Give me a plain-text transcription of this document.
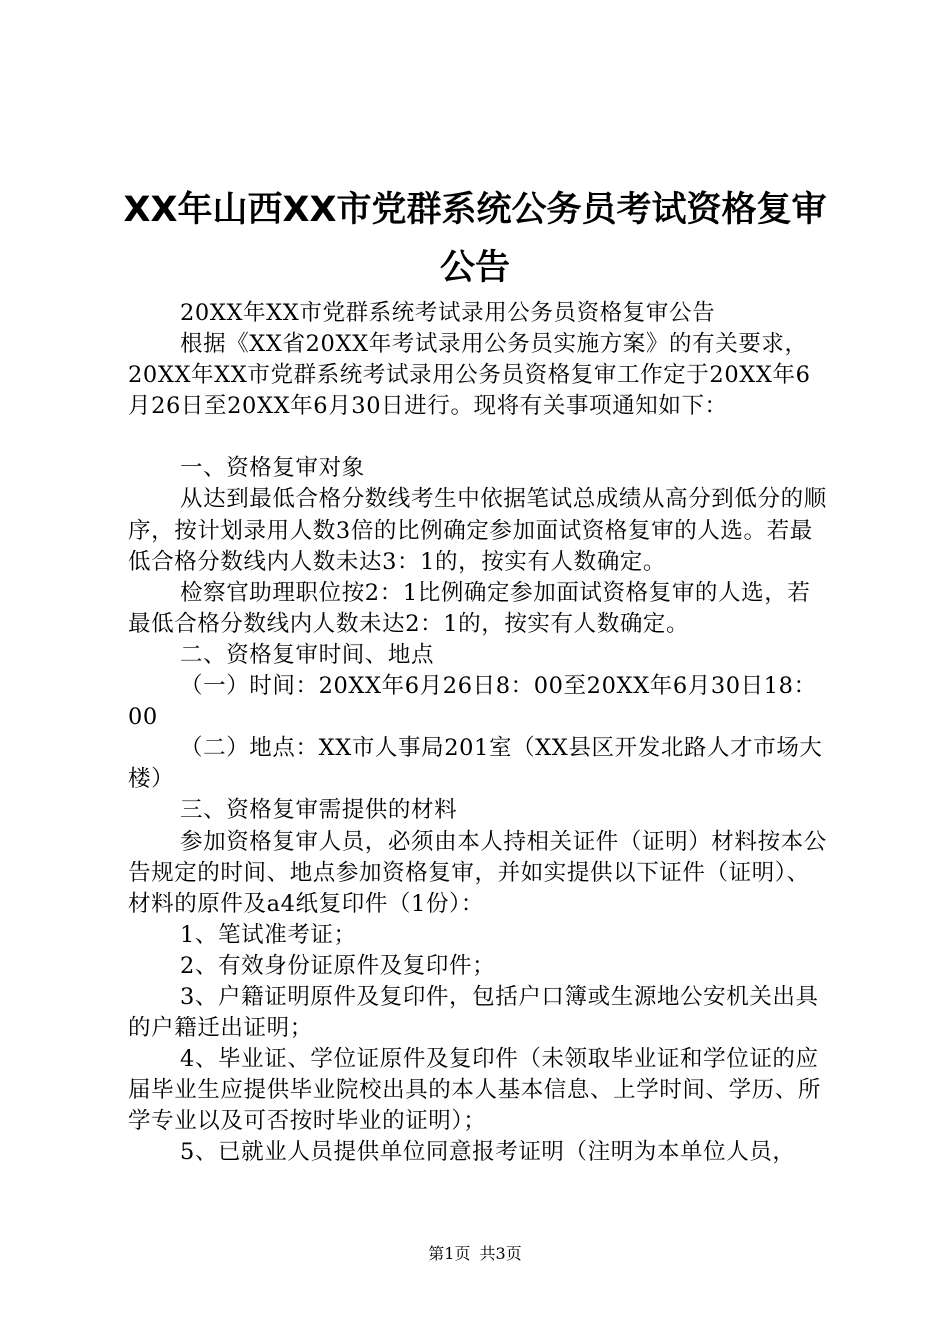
XX年山西XX市党群系统公务员考试资格复审
公告

20XX年XX市党群系统考试录用公务员资格复审公告

根据《XX省20XX年考试录用公务员实施方案》的有关要求，20XX年XX市党群系统考试录用公务员资格复审工作定于20XX年6月26日至20XX年6月30日进行。现将有关事项通知如下：

一、资格复审对象

从达到最低合格分数线考生中依据笔试总成绩从高分到低分的顺序，按计划录用人数3倍的比例确定参加面试资格复审的人选。若最低合格分数线内人数未达3：1的，按实有人数确定。

检察官助理职位按2：1比例确定参加面试资格复审的人选，若最低合格分数线内人数未达2：1的，按实有人数确定。

二、资格复审时间、地点

（一）时间：20XX年6月26日8：00至20XX年6月30日18：00

（二）地点：XX市人事局201室（XX县区开发北路人才市场大楼）

三、资格复审需提供的材料

参加资格复审人员，必须由本人持相关证件（证明）材料按本公告规定的时间、地点参加资格复审，并如实提供以下证件（证明）、材料的原件及a4纸复印件（1份）：

1、笔试准考证；

2、有效身份证原件及复印件；

3、户籍证明原件及复印件，包括户口簿或生源地公安机关出具的户籍迁出证明；

4、毕业证、学位证原件及复印件（未领取毕业证和学位证的应届毕业生应提供毕业院校出具的本人基本信息、上学时间、学历、所学专业以及可否按时毕业的证明）；

5、已就业人员提供单位同意报考证明（注明为本单位人员，

第1页 共3页
